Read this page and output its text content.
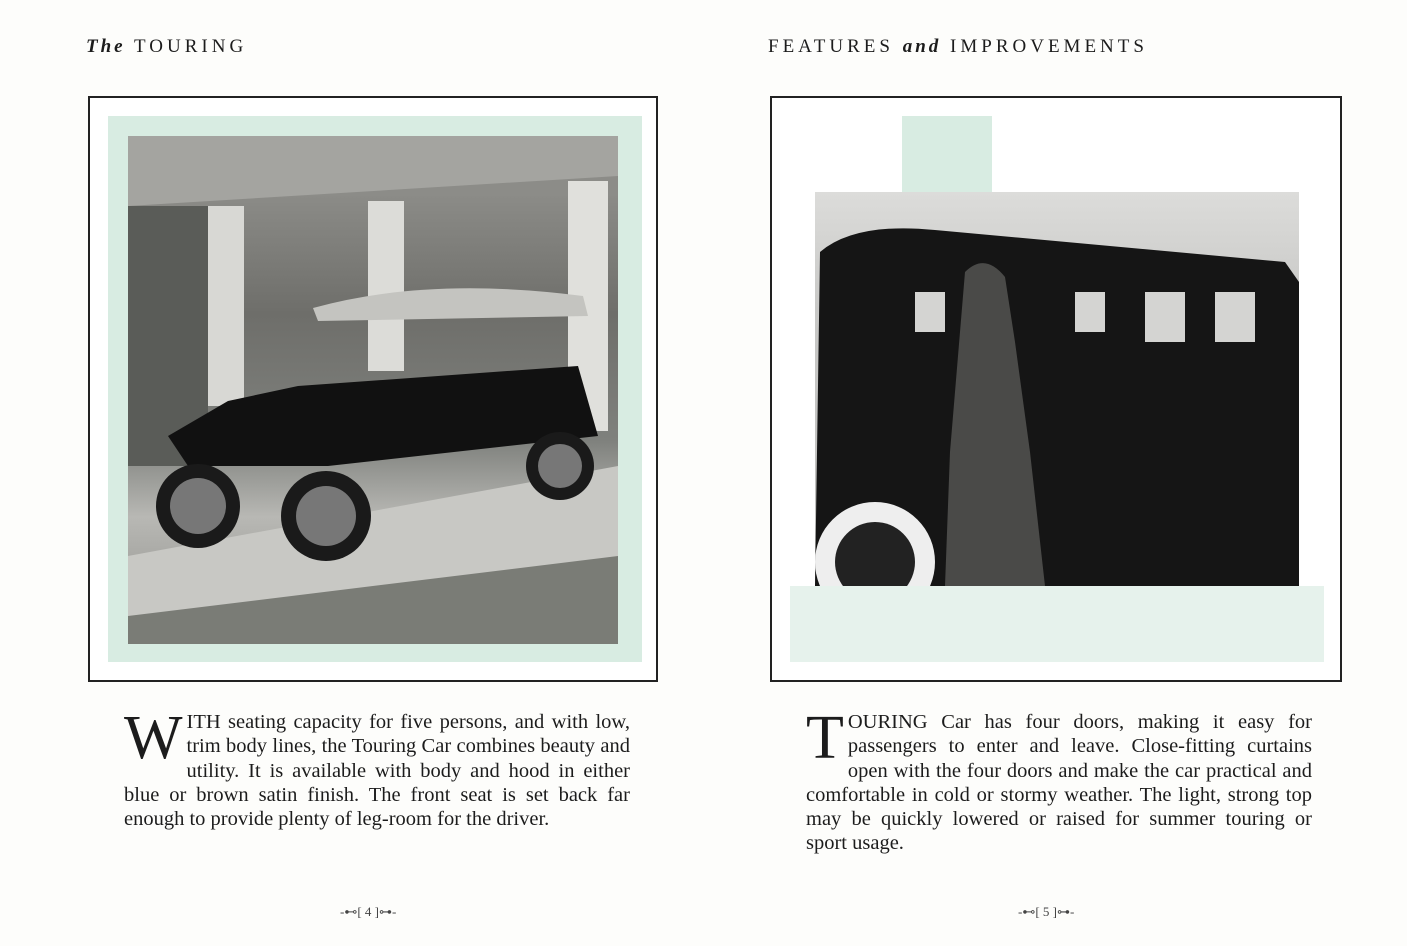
The TOURING	FEATURES and IMPROVEMENTS
WITH seating capacity for five persons, and with low, trim body lines, the Touring Car combines beauty and utility. It is available with body and hood in either blue or brown satin finish. The front seat is set back far enough to provide plenty of leg-room for the driver.
TOURING Car has four doors, making it easy for passengers to enter and leave. Close-fitting curtains open with the four doors and make the car practical and comfortable in cold or stormy weather. The light, strong top may be quickly lowered or raised for summer touring or sport usage.
-⊷[ 4 ]⊶-	-⊷[ 5 ]⊶-
